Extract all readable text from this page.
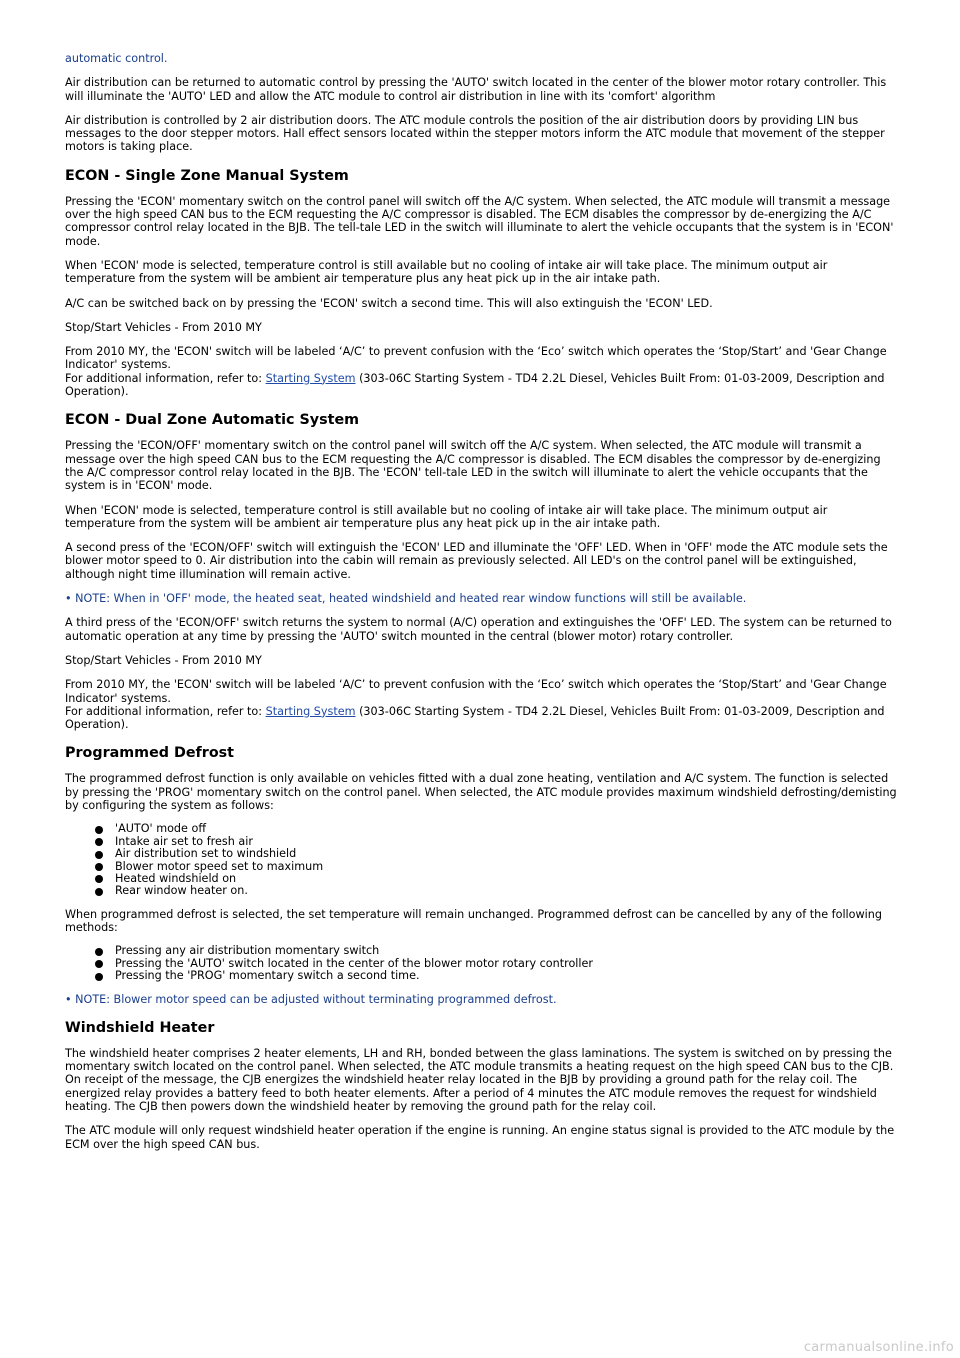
automatic control.

Air distribution can be returned to automatic control by pressing the 'AUTO' switch located in the center of the blower motor rotary controller. This will illuminate the 'AUTO' LED and allow the ATC module to control air distribution in line with its 'comfort' algorithm

Air distribution is controlled by 2 air distribution doors. The ATC module controls the position of the air distribution doors by providing LIN bus messages to the door stepper motors. Hall effect sensors located within the stepper motors inform the ATC module that movement of the stepper motors is taking place.

ECON - Single Zone Manual System

Pressing the 'ECON' momentary switch on the control panel will switch off the A/C system. When selected, the ATC module will transmit a message over the high speed CAN bus to the ECM requesting the A/C compressor is disabled. The ECM disables the compressor by de-energizing the A/C compressor control relay located in the BJB. The tell-tale LED in the switch will illuminate to alert the vehicle occupants that the system is in 'ECON' mode.

When 'ECON' mode is selected, temperature control is still available but no cooling of intake air will take place. The minimum output air temperature from the system will be ambient air temperature plus any heat pick up in the air intake path.

A/C can be switched back on by pressing the 'ECON' switch a second time. This will also extinguish the 'ECON' LED.

Stop/Start Vehicles - From 2010 MY

From 2010 MY, the 'ECON' switch will be labeled ‘A/C’ to prevent confusion with the ‘Eco’ switch which operates the ‘Stop/Start’ and 'Gear Change Indicator' systems.
For additional information, refer to: Starting System (303-06C Starting System - TD4 2.2L Diesel, Vehicles Built From: 01-03-2009, Description and Operation).

ECON - Dual Zone Automatic System

Pressing the 'ECON/OFF' momentary switch on the control panel will switch off the A/C system. When selected, the ATC module will transmit a message over the high speed CAN bus to the ECM requesting the A/C compressor is disabled. The ECM disables the compressor by de-energizing the A/C compressor control relay located in the BJB. The 'ECON' tell-tale LED in the switch will illuminate to alert the vehicle occupants that the system is in 'ECON' mode.

When 'ECON' mode is selected, temperature control is still available but no cooling of intake air will take place. The minimum output air temperature from the system will be ambient air temperature plus any heat pick up in the air intake path.

A second press of the 'ECON/OFF' switch will extinguish the 'ECON' LED and illuminate the 'OFF' LED. When in 'OFF' mode the ATC module sets the blower motor speed to 0. Air distribution into the cabin will remain as previously selected. All LED's on the control panel will be extinguished, although night time illumination will remain active.

• NOTE: When in 'OFF' mode, the heated seat, heated windshield and heated rear window functions will still be available.

A third press of the 'ECON/OFF' switch returns the system to normal (A/C) operation and extinguishes the 'OFF' LED. The system can be returned to automatic operation at any time by pressing the 'AUTO' switch mounted in the central (blower motor) rotary controller.

Stop/Start Vehicles - From 2010 MY

From 2010 MY, the 'ECON' switch will be labeled ‘A/C’ to prevent confusion with the ‘Eco’ switch which operates the ‘Stop/Start’ and 'Gear Change Indicator' systems.
For additional information, refer to: Starting System (303-06C Starting System - TD4 2.2L Diesel, Vehicles Built From: 01-03-2009, Description and Operation).

Programmed Defrost

The programmed defrost function is only available on vehicles fitted with a dual zone heating, ventilation and A/C system. The function is selected by pressing the 'PROG' momentary switch on the control panel. When selected, the ATC module provides maximum windshield defrosting/demisting by configuring the system as follows:

'AUTO' mode off
Intake air set to fresh air
Air distribution set to windshield
Blower motor speed set to maximum
Heated windshield on
Rear window heater on.

When programmed defrost is selected, the set temperature will remain unchanged. Programmed defrost can be cancelled by any of the following methods:

Pressing any air distribution momentary switch
Pressing the 'AUTO' switch located in the center of the blower motor rotary controller
Pressing the 'PROG' momentary switch a second time.

• NOTE: Blower motor speed can be adjusted without terminating programmed defrost.

Windshield Heater

The windshield heater comprises 2 heater elements, LH and RH, bonded between the glass laminations. The system is switched on by pressing the momentary switch located on the control panel. When selected, the ATC module transmits a heating request on the high speed CAN bus to the CJB. On receipt of the message, the CJB energizes the windshield heater relay located in the BJB by providing a ground path for the relay coil. The energized relay provides a battery feed to both heater elements. After a period of 4 minutes the ATC module removes the request for windshield heating. The CJB then powers down the windshield heater by removing the ground path for the relay coil.

The ATC module will only request windshield heater operation if the engine is running. An engine status signal is provided to the ATC module by the ECM over the high speed CAN bus.

carmanualsonline.info
